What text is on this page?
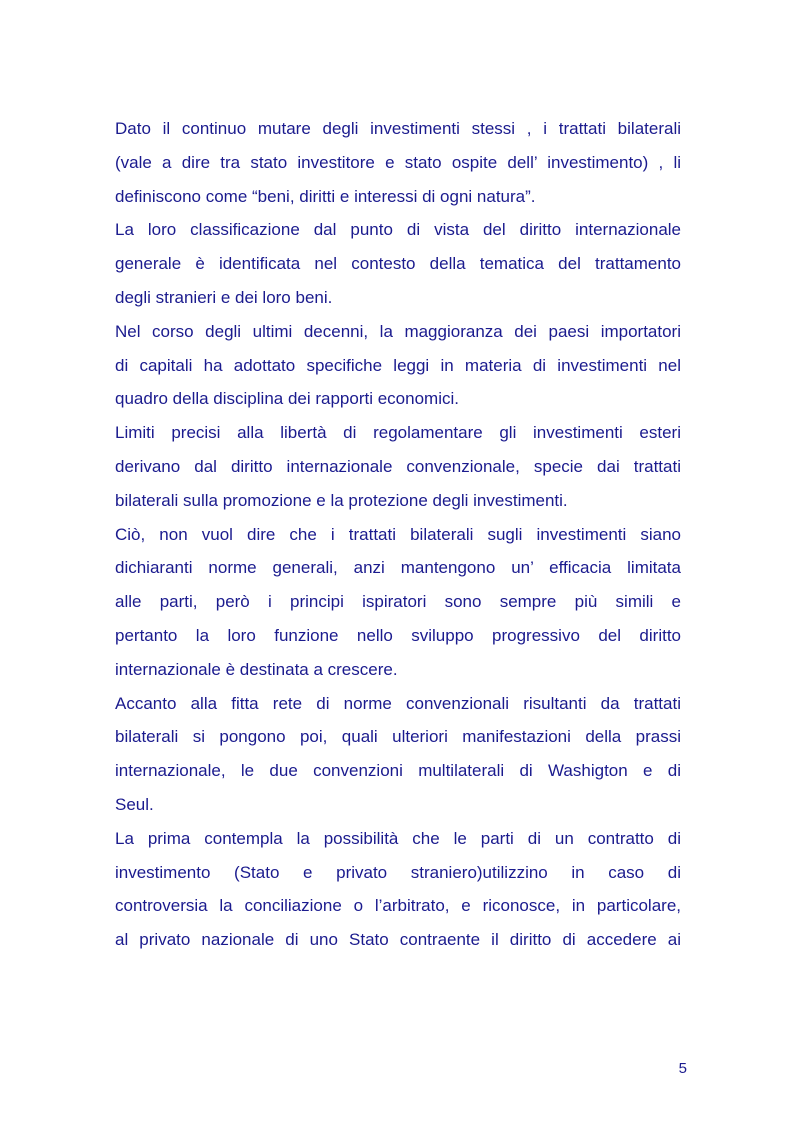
Dato il continuo mutare degli investimenti stessi , i trattati bilaterali
(vale a dire tra stato investitore e stato ospite dell’ investimento) , li
definiscono come “beni, diritti e interessi di ogni natura”.
La loro classificazione dal punto di vista del diritto internazionale
generale è identificata nel contesto della tematica del trattamento
degli stranieri e dei loro beni.
Nel corso degli ultimi decenni, la maggioranza dei paesi importatori
di capitali ha adottato specifiche leggi in materia di investimenti nel
quadro della disciplina dei rapporti economici.
Limiti precisi alla libertà di regolamentare gli investimenti esteri
derivano dal diritto internazionale convenzionale, specie dai trattati
bilaterali sulla promozione e la protezione degli investimenti.
Ciò, non vuol dire che i trattati bilaterali sugli investimenti siano
dichiaranti norme generali, anzi mantengono un’ efficacia limitata
alle parti, però i principi ispiratori sono sempre più simili e
pertanto la loro funzione nello sviluppo progressivo del diritto
internazionale è destinata a crescere.
Accanto alla fitta rete di norme convenzionali risultanti da trattati
bilaterali si pongono poi, quali ulteriori manifestazioni della prassi
internazionale, le due convenzioni multilaterali di Washigton e di
Seul.
La prima contempla la possibilità che le parti di un contratto di
investimento (Stato e privato straniero)utilizzino in caso di
controversia la conciliazione o l’arbitrato, e riconosce, in particolare,
al privato nazionale di uno Stato contraente il diritto di accedere ai
5
